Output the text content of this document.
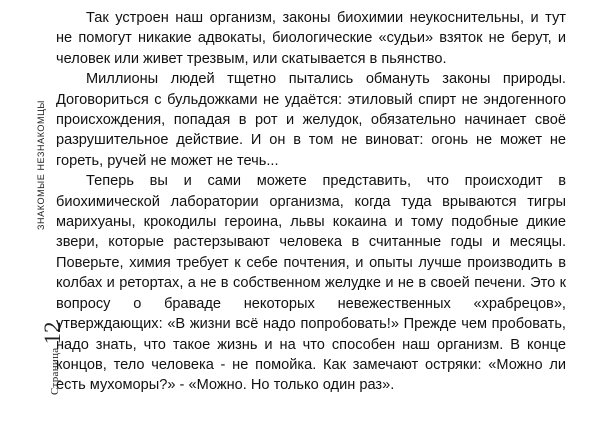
ЗНАКОМЫЕ НЕЗНАКОМЦЫ
Страница12

Так устроен наш организм, законы биохимии неукоснительны, и тут не помогут никакие адвокаты, биологические «судьи» взяток не берут, и человек или живет трезвым, или скатывается в пьянство.

Миллионы людей тщетно пытались обмануть законы природы. Договориться с бульдожками не удаётся: этиловый спирт не эндогенного происхождения, попадая в рот и желудок, обязательно начинает своё разрушительное действие. И он в том не виноват: огонь не может не гореть, ручей не может не течь...

Теперь вы и сами можете представить, что происходит в биохимической лаборатории организма, когда туда врываются тигры марихуаны, крокодилы героина, львы кокаина и тому подобные дикие звери, которые растерзывают человека в считанные годы и месяцы. Поверьте, химия требует к себе почтения, и опыты лучше производить в колбах и ретортах, а не в собственном желудке и не в своей печени. Это к вопросу о браваде некоторых невежественных «храбрецов», утверждающих: «В жизни всё надо попробовать!» Прежде чем пробовать, надо знать, что такое жизнь и на что способен наш организм. В конце концов, тело человека - не помойка. Как замечают остряки: «Можно ли есть мухоморы?» - «Можно. Но только один раз».
